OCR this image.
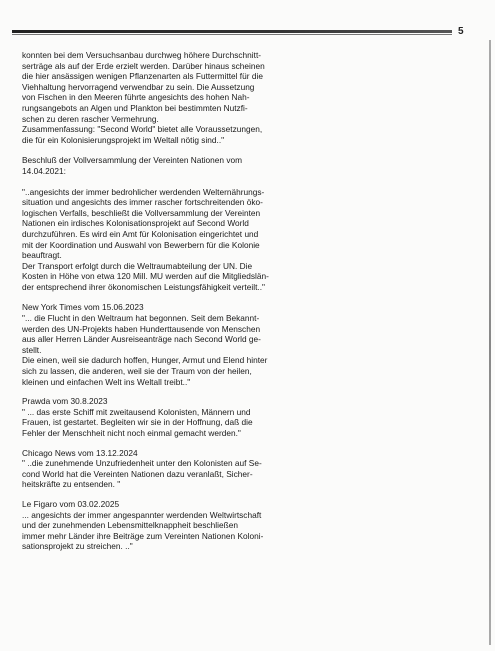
5

konnten bei dem Versuchsanbau durchweg höhere Durchschnitt-
serträge als auf der Erde erzielt werden. Darüber hinaus scheinen
die hier ansässigen wenigen Pflanzenarten als Futtermittel für die
Viehhaltung hervorragend verwendbar zu sein. Die Aussetzung
von Fischen in den Meeren führte angesichts des hohen Nah-
rungsangebots an Algen und Plankton bei bestimmten Nutzfi-
schen zu deren rascher Vermehrung.
Zusammenfassung: "Second World" bietet alle Voraussetzungen,
die für ein Kolonisierungsprojekt im Weltall nötig sind.."

Beschluß der Vollversammlung der Vereinten Nationen vom
14.04.2021:

"..angesichts der immer bedrohlicher werdenden Welternährungs-
situation und angesichts des immer rascher fortschreitenden öko-
logischen Verfalls, beschließt die Vollversammlung der Vereinten
Nationen ein irdisches Kolonisationsprojekt auf Second World
durchzuführen. Es wird ein Amt für Kolonisation eingerichtet und
mit der Koordination und Auswahl von Bewerbern für die Kolonie
beauftragt.
Der Transport erfolgt durch die Weltraumabteilung der UN. Die
Kosten in Höhe von etwa 120 Mill. MU werden auf die Mitgliedslän-
der entsprechend ihrer ökonomischen Leistungsfähigkeit verteilt.."

New York Times vom 15.06.2023

"... die Flucht in den Weltraum hat begonnen. Seit dem Bekannt-
werden des UN-Projekts haben Hunderttausende von Menschen
aus aller Herren Länder Ausreiseanträge nach Second World ge-
stellt.
Die einen, weil sie dadurch hoffen, Hunger, Armut und Elend hinter
sich zu lassen, die anderen, weil sie der Traum von der heilen,
kleinen und einfachen Welt ins Weltall treibt.."

Prawda vom 30.8.2023

" ... das erste Schiff mit zweitausend Kolonisten, Männern und
Frauen, ist gestartet. Begleiten wir sie in der Hoffnung, daß die
Fehler der Menschheit nicht noch einmal gemacht werden."

Chicago News vom 13.12.2024

" ..die zunehmende Unzufriedenheit unter den Kolonisten auf Se-
cond World hat die Vereinten Nationen dazu veranlaßt, Sicher-
heitskräfte zu entsenden. "

Le Figaro vom 03.02.2025

... angesichts der immer angespannter werdenden Weltwirtschaft
und der zunehmenden Lebensmittelknappheit beschließen
immer mehr Länder ihre Beiträge zum Vereinten Nationen Koloni-
sationsprojekt zu streichen. .."
